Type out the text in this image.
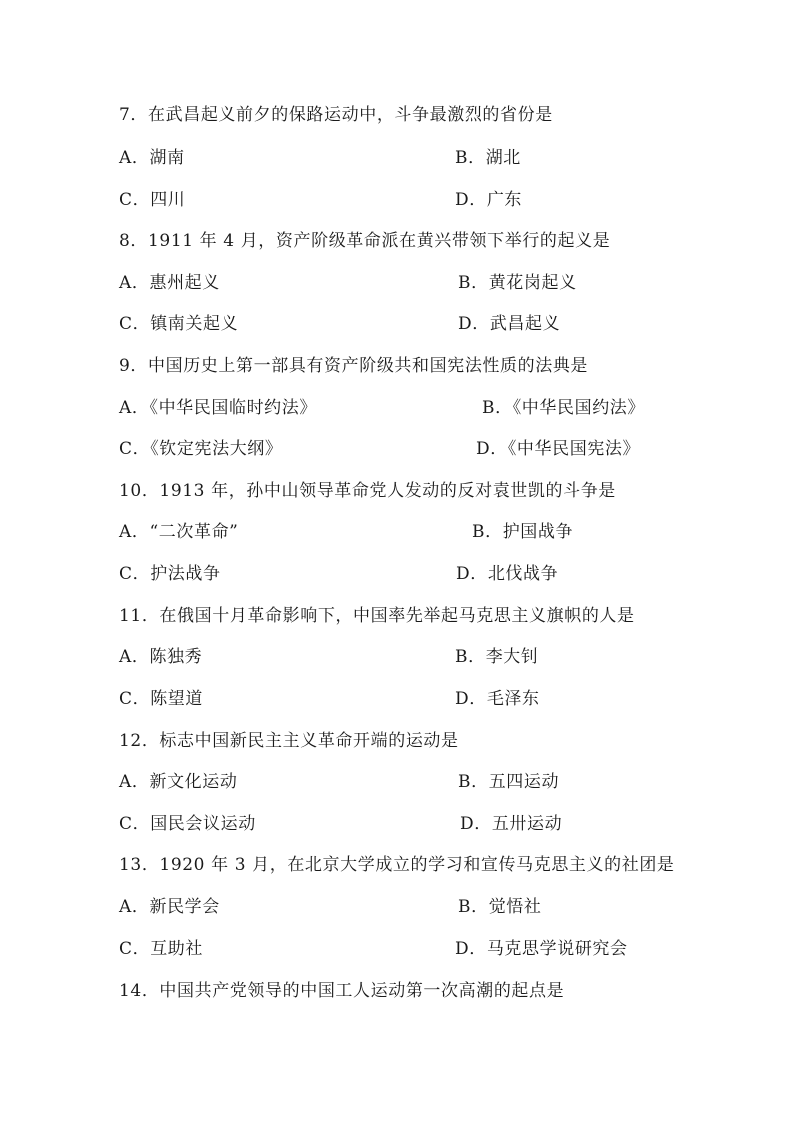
7．在武昌起义前夕的保路运动中，斗争最激烈的省份是
A．湖南	B．湖北
C．四川	D．广东
8．1911 年 4 月，资产阶级革命派在黄兴带领下举行的起义是
A．惠州起义	B．黄花岗起义
C．镇南关起义	D．武昌起义
9．中国历史上第一部具有资产阶级共和国宪法性质的法典是
A．《中华民国临时约法》	B．《中华民国约法》
C．《钦定宪法大纲》	D．《中华民国宪法》
10．1913 年，孙中山领导革命党人发动的反对袁世凯的斗争是
A．“二次革命”	B．护国战争
C．护法战争	D．北伐战争
11．在俄国十月革命影响下，中国率先举起马克思主义旗帜的人是
A．陈独秀	B．李大钊
C．陈望道	D．毛泽东
12．标志中国新民主主义革命开端的运动是
A．新文化运动	B．五四运动
C．国民会议运动	D．五卅运动
13．1920 年 3 月，在北京大学成立的学习和宣传马克思主义的社团是
A．新民学会	B．觉悟社
C．互助社	D．马克思学说研究会
14．中国共产党领导的中国工人运动第一次高潮的起点是
